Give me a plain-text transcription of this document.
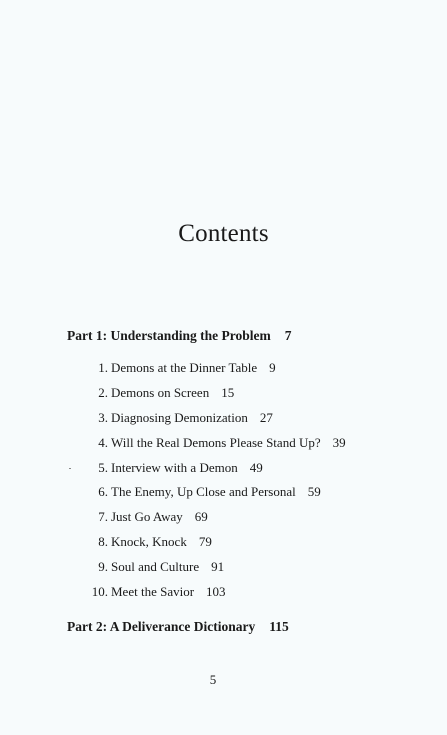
Contents
Part 1: Understanding the Problem 7
1. Demons at the Dinner Table 9
2. Demons on Screen 15
3. Diagnosing Demonization 27
4. Will the Real Demons Please Stand Up? 39
5. Interview with a Demon 49
6. The Enemy, Up Close and Personal 59
7. Just Go Away 69
8. Knock, Knock 79
9. Soul and Culture 91
10. Meet the Savior 103
Part 2: A Deliverance Dictionary 115
5
